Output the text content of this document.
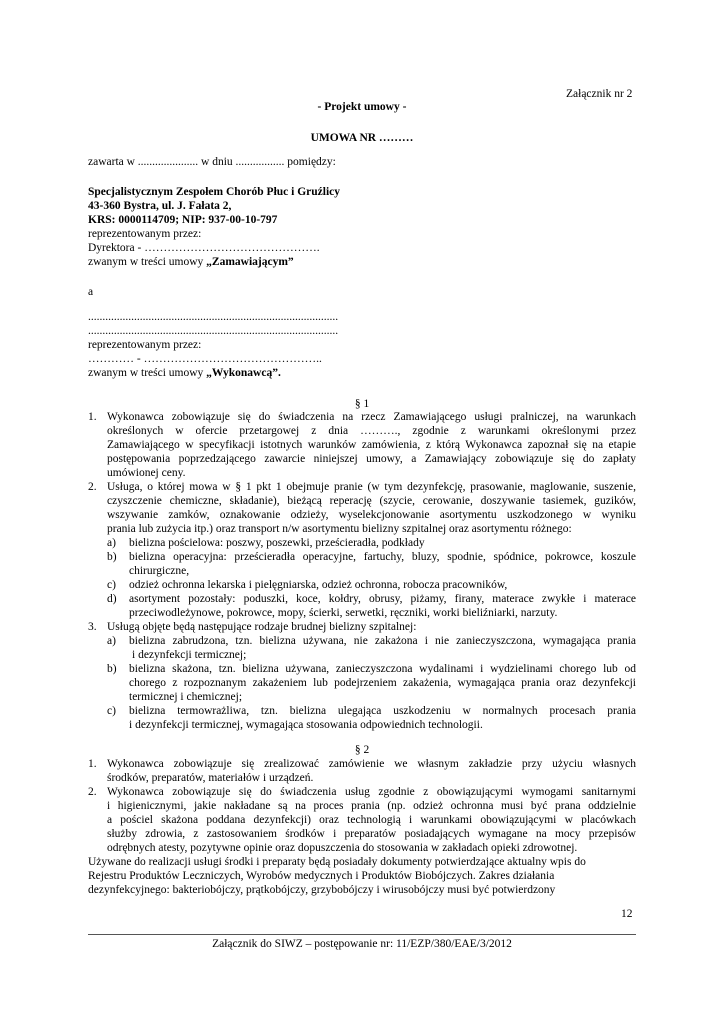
Załącznik nr 2
- Projekt umowy -
UMOWA NR ………
zawarta w ..................... w dniu ................. pomiędzy:
Specjalistycznym Zespołem Chorób Płuc i Gruźlicy
43-360 Bystra, ul. J. Fałata 2,
KRS: 0000114709; NIP: 937-00-10-797
reprezentowanym przez:
Dyrektora - ……………………………………….
zwanym w treści umowy „Zamawiającym”
a
.......................................................................................
.......................................................................................
reprezentowanym przez:
………… - ………………………………………..
zwanym w treści umowy „Wykonawcą”.
§ 1
1. Wykonawca zobowiązuje się do świadczenia na rzecz Zamawiającego usługi pralniczej, na warunkach
określonych w ofercie przetargowej z dnia ………., zgodnie z warunkami określonymi przez
Zamawiającego w specyfikacji istotnych warunków zamówienia, z którą Wykonawca zapoznał się na etapie
postępowania poprzedzającego zawarcie niniejszej umowy, a Zamawiający zobowiązuje się do zapłaty
umówionej ceny.
2. Usługa, o której mowa w § 1 pkt 1 obejmuje pranie (w tym dezynfekcję, prasowanie, maglowanie, suszenie,
czyszczenie chemiczne, składanie), bieżącą reperację (szycie, cerowanie, doszywanie tasiemek, guzików,
wszywanie zamków, oznakowanie odzieży, wyselekcjonowanie asortymentu uszkodzonego w wyniku
prania lub zużycia itp.) oraz transport n/w asortymentu bielizny szpitalnej oraz asortymentu różnego:
a) bielizna pościelowa: poszwy, poszewki, prześcieradła, podkłady
b) bielizna operacyjna: prześcieradła operacyjne, fartuchy, bluzy, spodnie, spódnice, pokrowce, koszule
chirurgiczne,
c) odzież ochronna lekarska i pielęgniarska, odzież ochronna, robocza pracowników,
d) asortyment pozostały: poduszki, koce, kołdry, obrusy, piżamy, firany, materace zwykłe i materace
przeciwodleżynowe, pokrowce, mopy, ścierki, serwetki, ręczniki, worki bieliźniarki, narzuty.
3. Usługą objęte będą następujące rodzaje brudnej bielizny szpitalnej:
a) bielizna zabrudzona, tzn. bielizna używana, nie zakażona i nie zanieczyszczona, wymagająca prania
i dezynfekcji termicznej;
b) bielizna skażona, tzn. bielizna używana, zanieczyszczona wydalinami i wydzielinami chorego lub od
chorego z rozpoznanym zakażeniem lub podejrzeniem zakażenia, wymagająca prania oraz dezynfekcji
termicznej i chemicznej;
c) bielizna termowrażliwa, tzn. bielizna ulegająca uszkodzeniu w normalnych procesach prania
i dezynfekcji termicznej, wymagająca stosowania odpowiednich technologii.
§ 2
1. Wykonawca zobowiązuje się zrealizować zamówienie we własnym zakładzie przy użyciu własnych
środków, preparatów, materiałów i urządzeń.
2. Wykonawca zobowiązuje się do świadczenia usług zgodnie z obowiązującymi wymogami sanitarnymi
i higienicznymi, jakie nakładane są na proces prania (np. odzież ochronna musi być prana oddzielnie
a pościel skażona poddana dezynfekcji) oraz technologią i warunkami obowiązującymi w placówkach
służby zdrowia, z zastosowaniem środków i preparatów posiadających wymagane na mocy przepisów
odrębnych atesty, pozytywne opinie oraz dopuszczenia do stosowania w zakładach opieki zdrowotnej.
Używane do realizacji usługi środki i preparaty będą posiadały dokumenty potwierdzające aktualny wpis do
Rejestru Produktów Leczniczych, Wyrobów medycznych i Produktów Biobójczych. Zakres działania
dezynfekcyjnego: bakteriobójczy, prątkobójczy, grzybobójczy i wirusobójczy musi być potwierdzony
12
Załącznik do SIWZ – postępowanie nr: 11/EZP/380/EAE/3/2012
